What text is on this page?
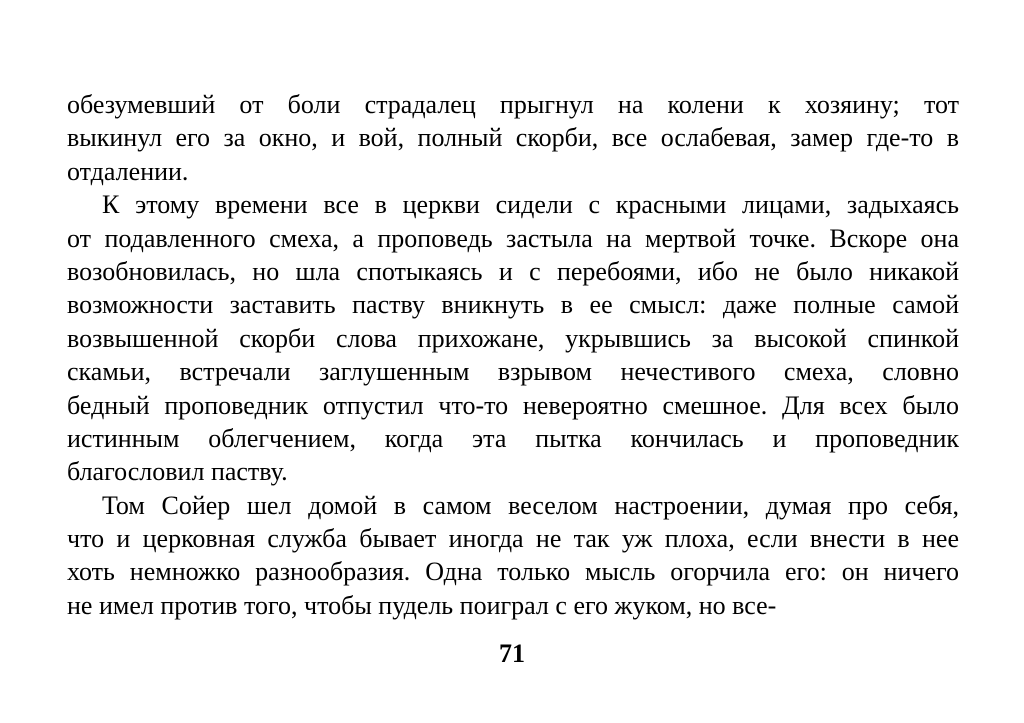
обезумевший от боли страдалец прыгнул на колени к хозяину; тот
выкинул его за окно, и вой, полный скорби, все ослабевая, замер где-то в
отдалении.
К этому времени все в церкви сидели с красными лицами, задыхаясь
от подавленного смеха, а проповедь застыла на мертвой точке. Вскоре она
возобновилась, но шла спотыкаясь и с перебоями, ибо не было никакой
возможности заставить паству вникнуть в ее смысл: даже полные самой
возвышенной скорби слова прихожане, укрывшись за высокой спинкой
скамьи, встречали заглушенным взрывом нечестивого смеха, словно
бедный проповедник отпустил что-то невероятно смешное. Для всех было
истинным облегчением, когда эта пытка кончилась и проповедник
благословил паству.
Том Сойер шел домой в самом веселом настроении, думая про себя,
что и церковная служба бывает иногда не так уж плоха, если внести в нее
хоть немножко разнообразия. Одна только мысль огорчила его: он ничего
не имел против того, чтобы пудель поиграл с его жуком, но все-
71
